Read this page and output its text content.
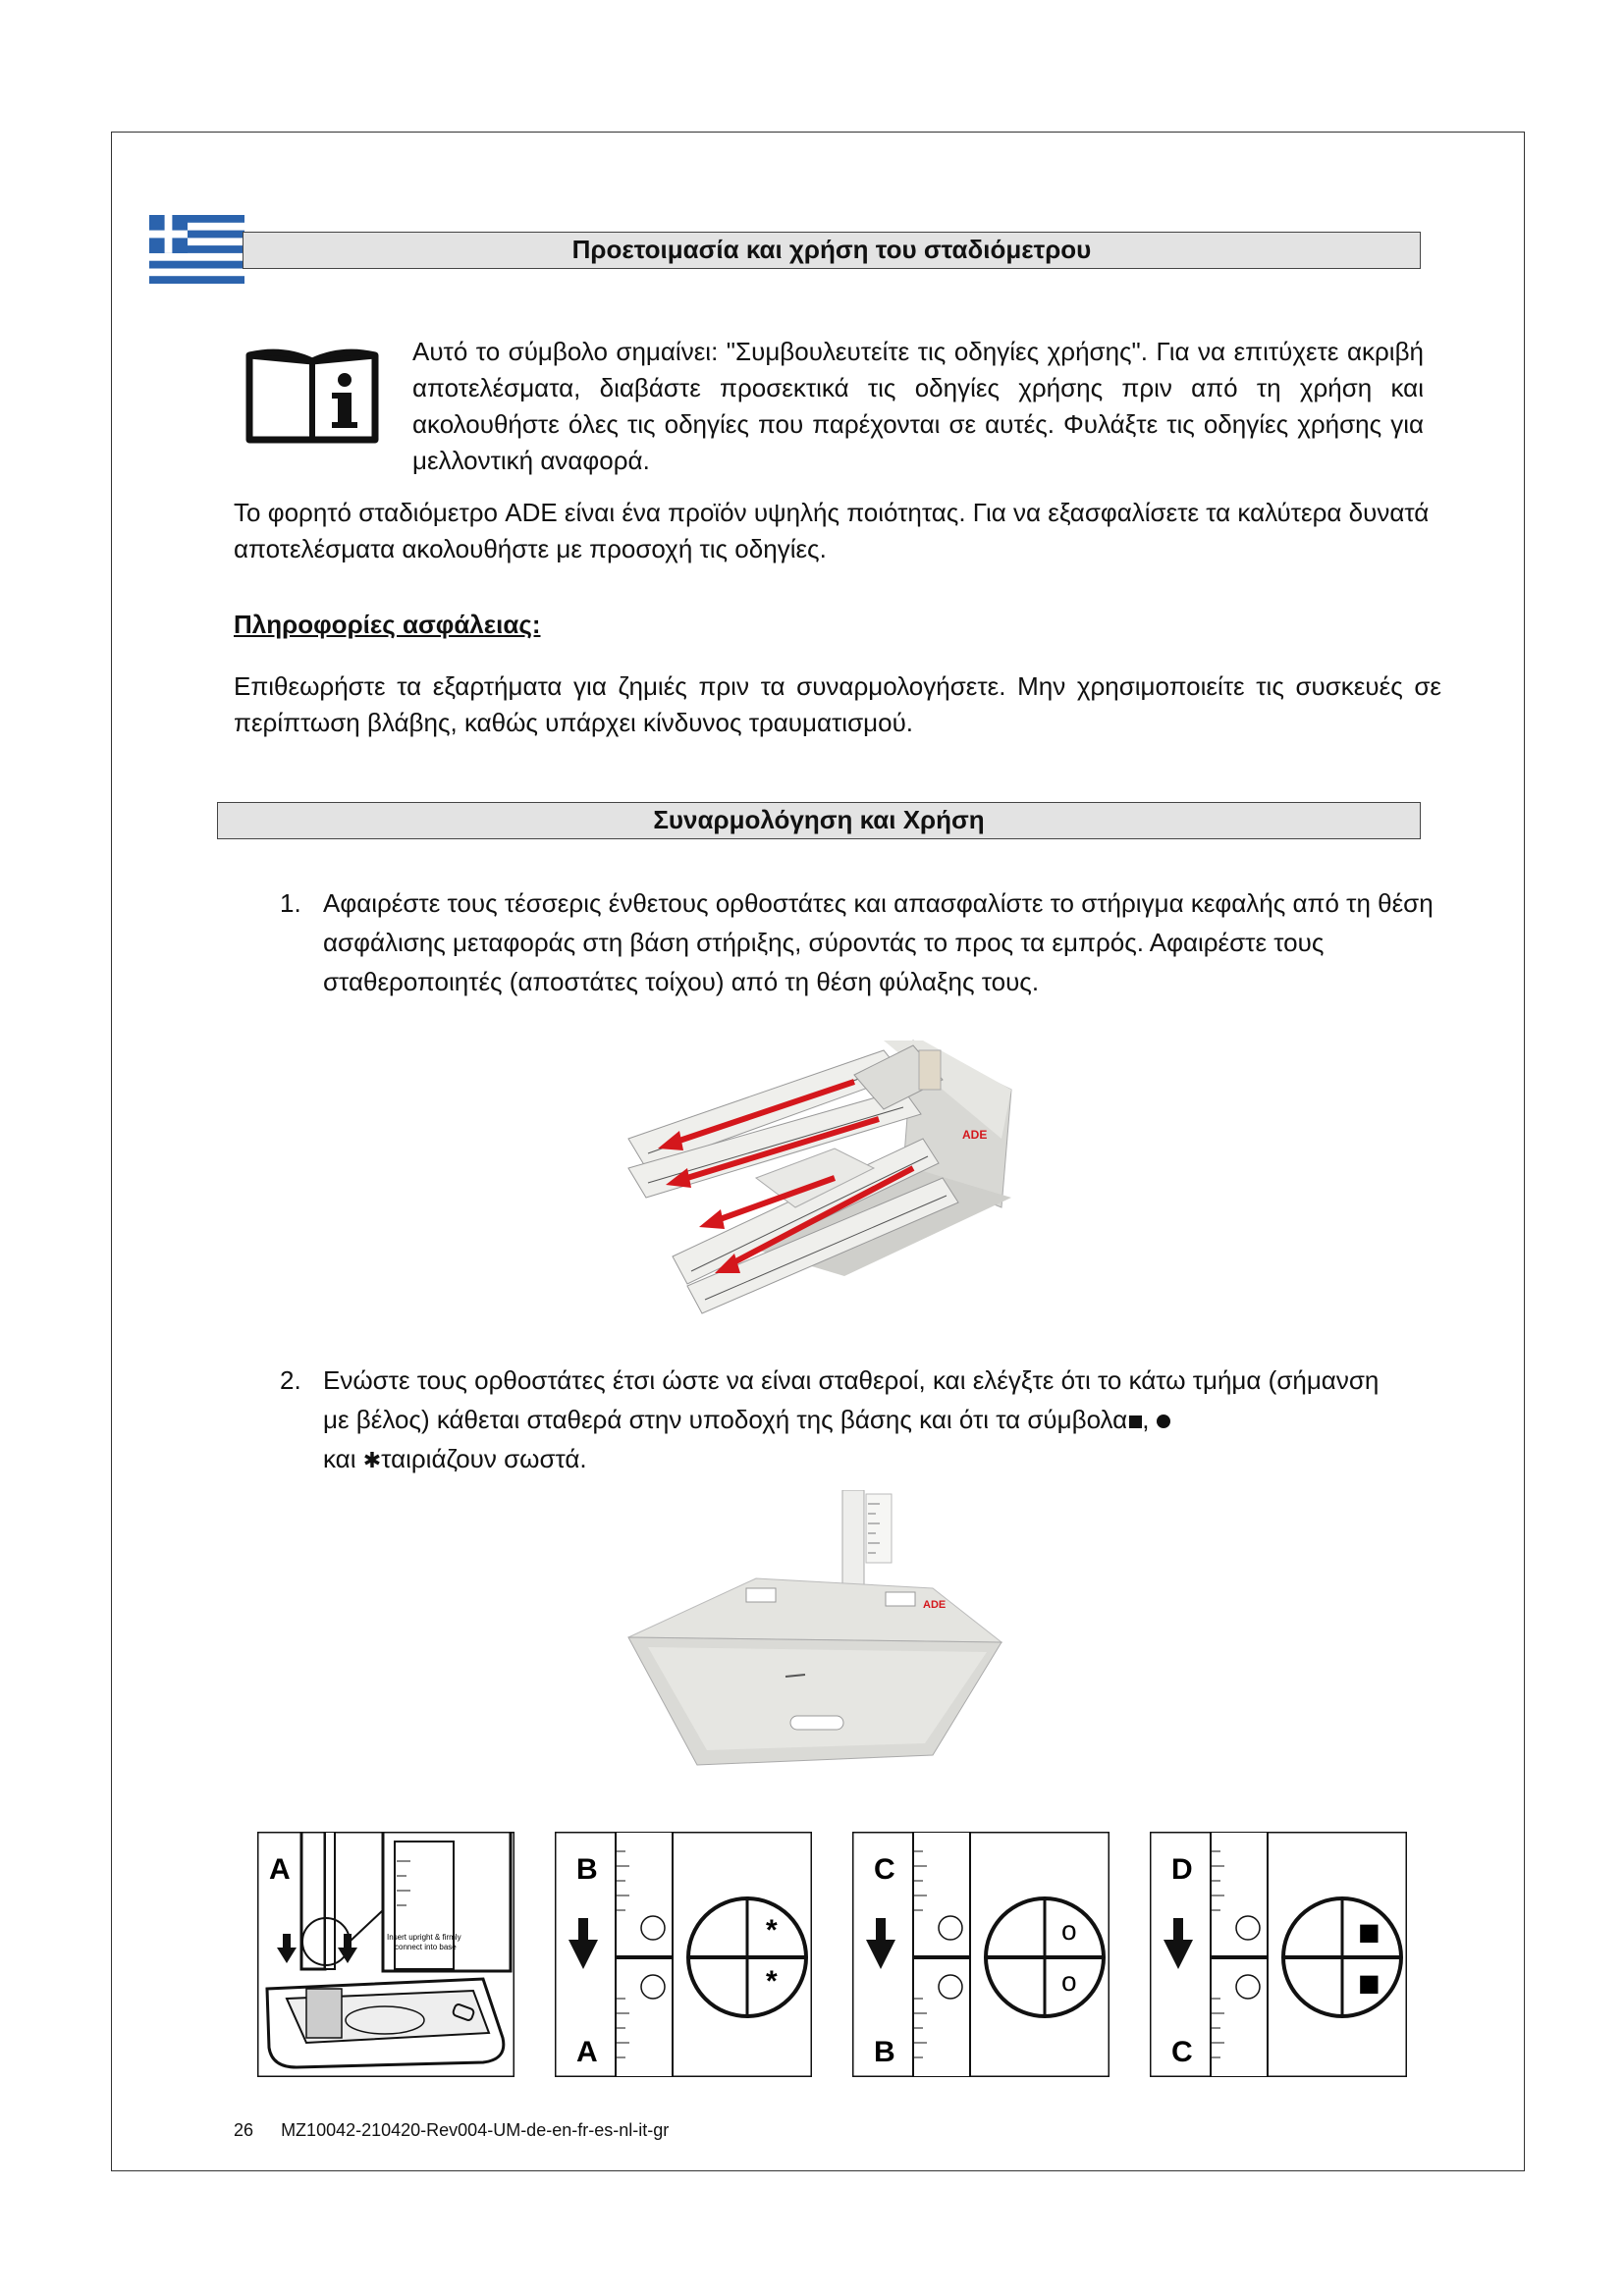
Προετοιμασία και χρήση του σταδιόμετρου
Αυτό το σύμβολο σημαίνει: "Συμβουλευτείτε τις οδηγίες χρήσης". Για να επιτύχετε ακριβή αποτελέσματα, διαβάστε προσεκτικά τις οδηγίες χρήσης πριν από τη χρήση και ακολουθήστε όλες τις οδηγίες που παρέχονται σε αυτές. Φυλάξτε τις οδηγίες χρήσης για μελλοντική αναφορά.
Το φορητό σταδιόμετρο ADE είναι ένα προϊόν υψηλής ποιότητας. Για να εξασφαλίσετε τα καλύτερα δυνατά αποτελέσματα ακολουθήστε με προσοχή τις οδηγίες.
Πληροφορίες ασφάλειας:
Επιθεωρήστε τα εξαρτήματα για ζημιές πριν τα συναρμολογήσετε. Μην χρησιμοποιείτε τις συσκευές σε περίπτωση βλάβης, καθώς υπάρχει κίνδυνος τραυματισμού.
Συναρμολόγηση και Χρήση
1. Αφαιρέστε τους τέσσερις ένθετους ορθοστάτες και απασφαλίστε το στήριγμα κεφαλής από τη θέση ασφάλισης μεταφοράς στη βάση στήριξης, σύροντάς το προς τα εμπρός. Αφαιρέστε τους σταθεροποιητές (αποστάτες τοίχου) από τη θέση φύλαξης τους.
ADE
2. Ενώστε τους ορθοστάτες έτσι ώστε να είναι σταθεροί, και ελέγξτε ότι το κάτω τμήμα (σήμανση με βέλος) κάθεται σταθερά στην υποδοχή της βάσης και ότι τα σύμβολα ,
και ✱ταιριάζουν σωστά.
ADE
A
Insert upright & firmly
connect into base
B
A
*
*
C
B
o
o
D
C
■
■
26 MZ10042-210420-Rev004-UM-de-en-fr-es-nl-it-gr
